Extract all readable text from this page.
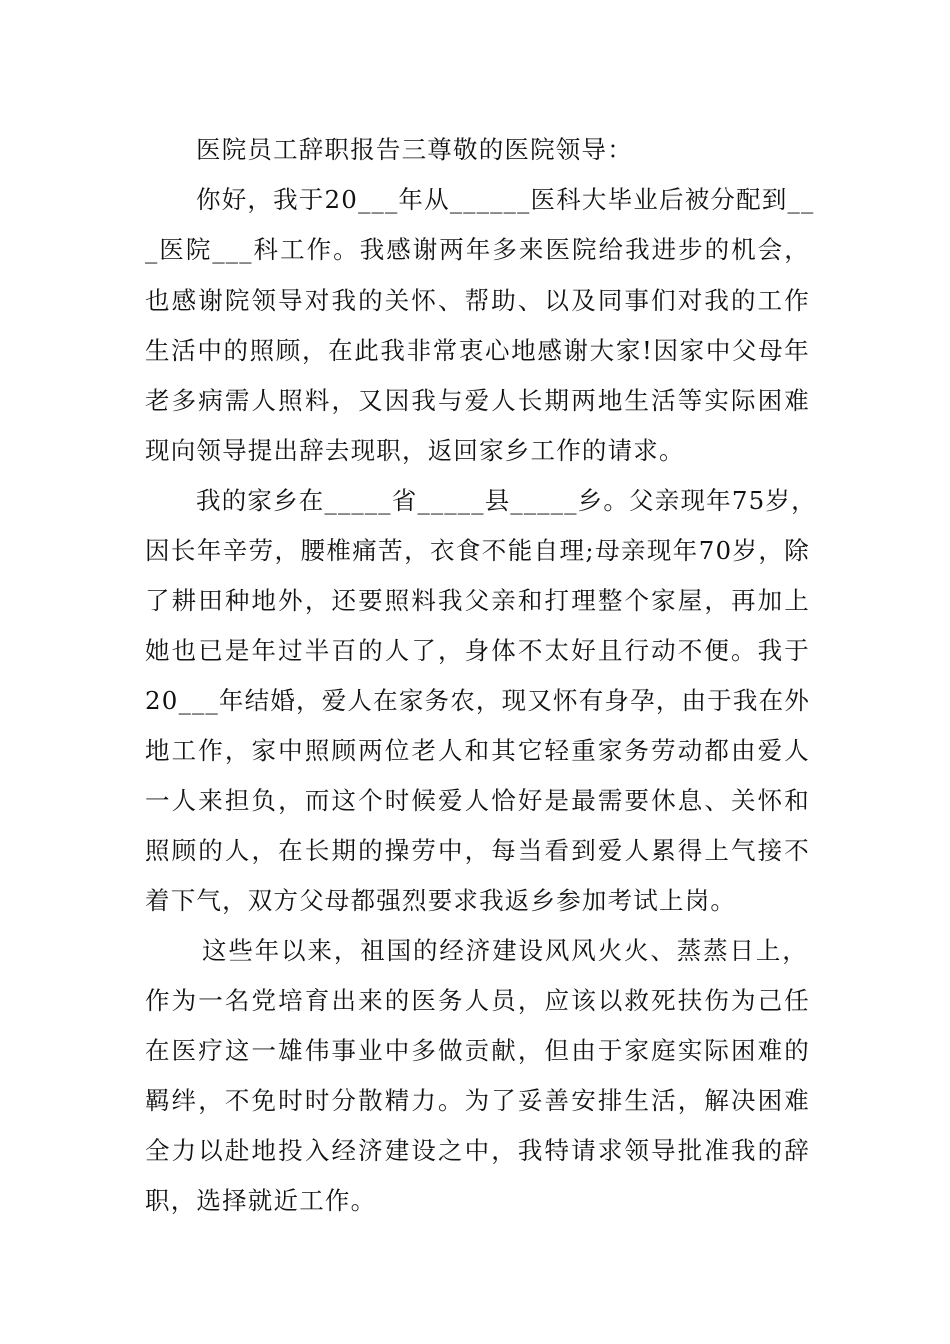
医院员工辞职报告三尊敬的医院领导：
你好，我于20___年从______医科大毕业后被分配到__
_医院___科工作。我感谢两年多来医院给我进步的机会，
也感谢院领导对我的关怀、帮助、以及同事们对我的工作
生活中的照顾，在此我非常衷心地感谢大家!因家中父母年
老多病需人照料，又因我与爱人长期两地生活等实际困难
现向领导提出辞去现职，返回家乡工作的请求。
我的家乡在_____省_____县_____乡。父亲现年75岁，
因长年辛劳，腰椎痛苦，衣食不能自理;母亲现年70岁，除
了耕田种地外，还要照料我父亲和打理整个家屋，再加上
她也已是年过半百的人了，身体不太好且行动不便。我于
20___年结婚，爱人在家务农，现又怀有身孕，由于我在外
地工作，家中照顾两位老人和其它轻重家务劳动都由爱人
一人来担负，而这个时候爱人恰好是最需要休息、关怀和
照顾的人，在长期的操劳中，每当看到爱人累得上气接不
着下气，双方父母都强烈要求我返乡参加考试上岗。
这些年以来，祖国的经济建设风风火火、蒸蒸日上，
作为一名党培育出来的医务人员，应该以救死扶伤为己任
在医疗这一雄伟事业中多做贡献，但由于家庭实际困难的
羁绊，不免时时分散精力。为了妥善安排生活，解决困难
全力以赴地投入经济建设之中，我特请求领导批准我的辞
职，选择就近工作。
